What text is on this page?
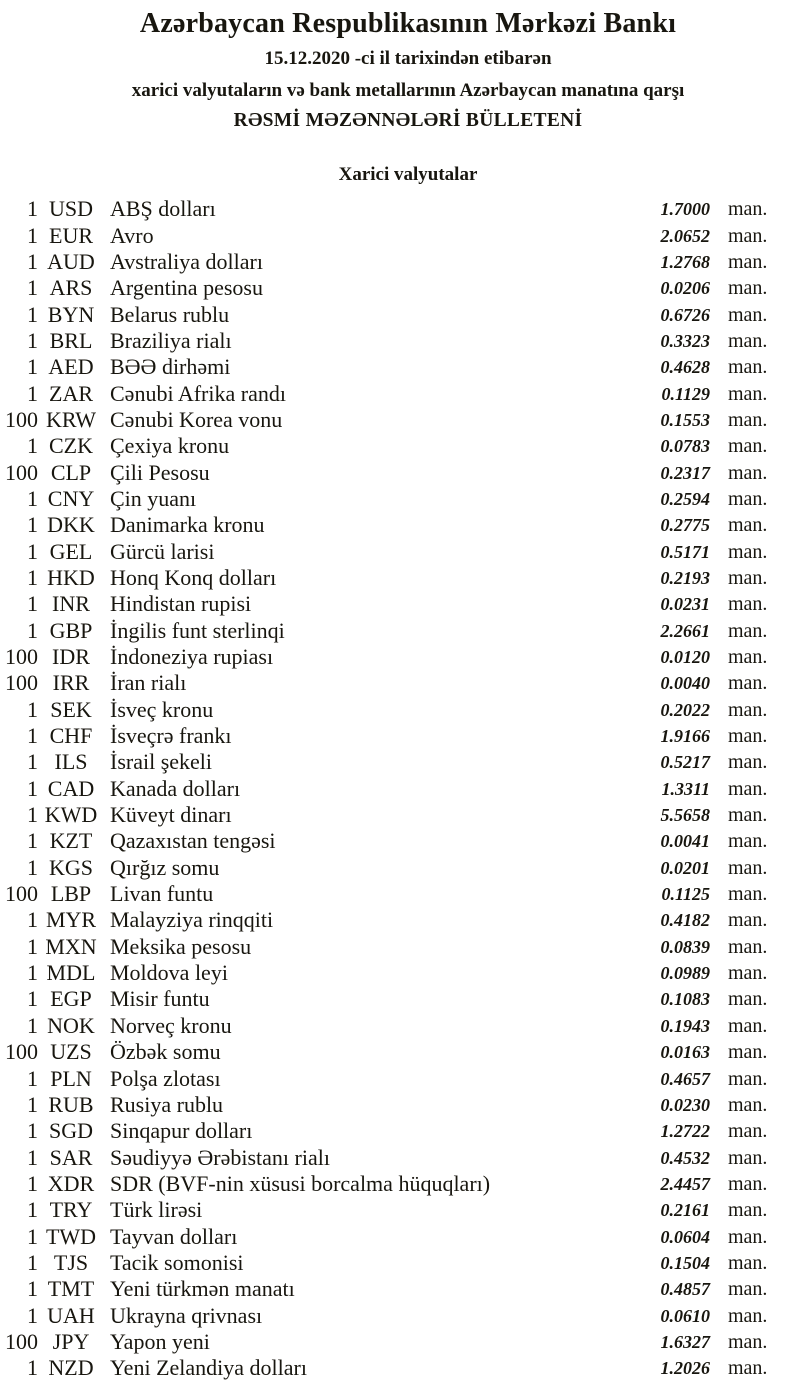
Azərbaycan Respublikasının Mərkəzi Bankı
15.12.2020 -ci il tarixindən etibarən
xarici valyutaların və bank metallarının Azərbaycan manatına qarşı
RƏSMİ MƏZƏNNƏLƏRİ BÜLLETENİ
Xarici valyutalar
1 USD ABŞ dolları	1.7000 man.
1 EUR Avro	2.0652 man.
1 AUD Avstraliya dolları	1.2768 man.
1 ARS Argentina pesosu	0.0206 man.
1 BYN Belarus rublu	0.6726 man.
1 BRL Braziliya rialı	0.3323 man.
1 AED BƏƏ dirhəmi	0.4628 man.
1 ZAR Cənubi Afrika randı	0.1129 man.
100 KRW Cənubi Korea vonu	0.1553 man.
1 CZK Çexiya kronu	0.0783 man.
100 CLP Çili Pesosu	0.2317 man.
1 CNY Çin yuanı	0.2594 man.
1 DKK Danimarka kronu	0.2775 man.
1 GEL Gürcü larisi	0.5171 man.
1 HKD Honq Konq dolları	0.2193 man.
1 INR Hindistan rupisi	0.0231 man.
1 GBP İngilis funt sterlinqi	2.2661 man.
100 IDR İndoneziya rupiası	0.0120 man.
100 IRR İran rialı	0.0040 man.
1 SEK İsveç kronu	0.2022 man.
1 CHF İsveçrə frankı	1.9166 man.
1 ILS	İsrail şekeli	0.5217 man.
1 CAD Kanada dolları	1.3311 man.
1 KWD Küveyt dinarı	5.5658 man.
1 KZT Qazaxıstan tengəsi	0.0041 man.
1 KGS Qırğız somu	0.0201 man.
100 LBP Livan funtu	0.1125 man.
1 MYR Malayziya rinqqiti	0.4182 man.
1 MXN Meksika pesosu	0.0839 man.
1 MDL Moldova leyi	0.0989 man.
1 EGP Misir funtu	0.1083 man.
1 NOK Norveç kronu	0.1943 man.
100 UZS Özbək somu	0.0163 man.
1 PLN Polşa zlotası	0.4657 man.
1 RUB Rusiya rublu	0.0230 man.
1 SGD Sinqapur dolları	1.2722 man.
1 SAR Səudiyyə Ərəbistanı rialı	0.4532 man.
1 XDR SDR (BVF-nin xüsusi borcalma hüquqları)	2.4457 man.
1 TRY Türk lirəsi	0.2161 man.
1 TWD Tayvan dolları	0.0604 man.
1 TJS Tacik somonisi	0.1504 man.
1 TMT Yeni türkmən manatı	0.4857 man.
1 UAH Ukrayna qrivnası	0.0610 man.
100 JPY Yapon yeni	1.6327 man.
1 NZD Yeni Zelandiya dolları	1.2026 man.
